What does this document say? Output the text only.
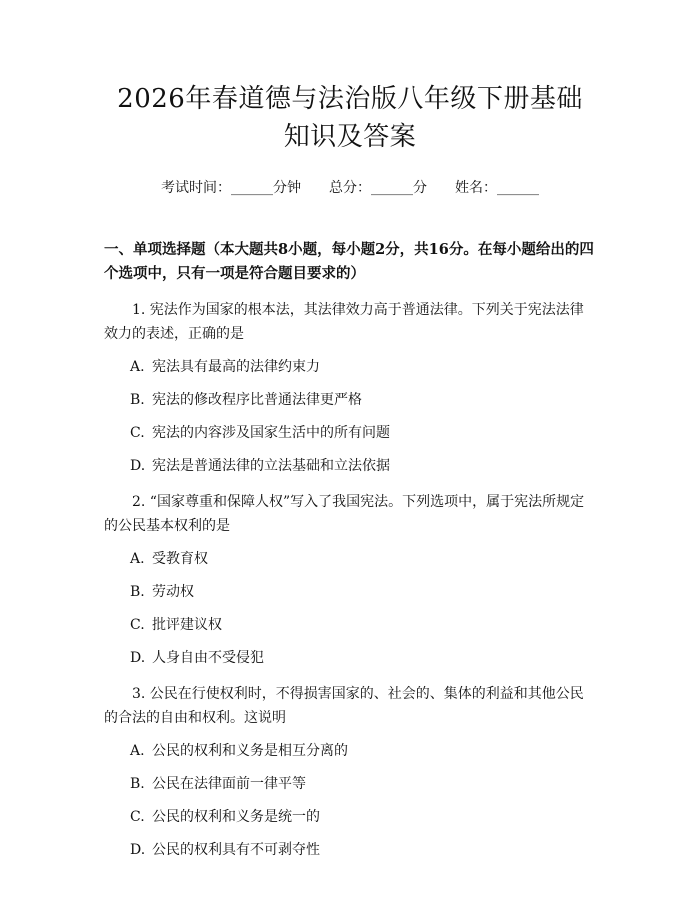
2026年春道德与法治版八年级下册基础知识及答案
考试时间：______分钟 总分：______分 姓名：______
一、单项选择题（本大题共8小题，每小题2分，共16分。在每小题给出的四个选项中，只有一项是符合题目要求的）
1. 宪法作为国家的根本法，其法律效力高于普通法律。下列关于宪法法律效力的表述，正确的是
A. 宪法具有最高的法律约束力
B. 宪法的修改程序比普通法律更严格
C. 宪法的内容涉及国家生活中的所有问题
D. 宪法是普通法律的立法基础和立法依据
2. “国家尊重和保障人权”写入了我国宪法。下列选项中，属于宪法所规定的公民基本权利的是
A. 受教育权
B. 劳动权
C. 批评建议权
D. 人身自由不受侵犯
3. 公民在行使权利时，不得损害国家的、社会的、集体的利益和其他公民的合法的自由和权利。这说明
A. 公民的权利和义务是相互分离的
B. 公民在法律面前一律平等
C. 公民的权利和义务是统一的
D. 公民的权利具有不可剥夺性
